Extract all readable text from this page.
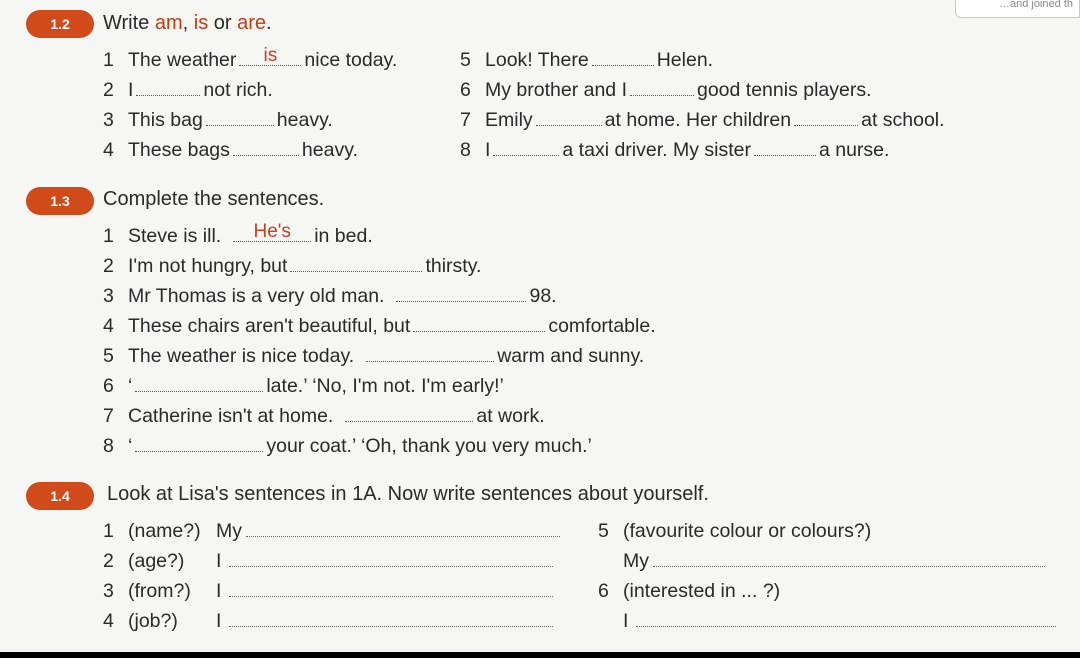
…and joined th
1.2	Write am, is or are.
1 The weather	is	nice today.
2 I	not rich.
3 This bag	heavy.
4 These bags	heavy.
5 Look! There	Helen.
6 My brother and I	good tennis players.
7 Emily	at home. Her children	at school.
8 I	a taxi driver. My sister	a nurse.
1.3	Complete the sentences.
1 Steve is ill.	He's	in bed.
2 I'm not hungry, but	thirsty.
3 Mr Thomas is a very old man.	98.
4 These chairs aren't beautiful, but	comfortable.
5 The weather is nice today.	warm and sunny.
6 ‘	late.’ ‘No, I'm not. I'm early!’
7 Catherine isn't at home.	at work.
8 ‘	your coat.’ ‘Oh, thank you very much.’
1.4	Look at Lisa's sentences in 1A. Now write sentences about yourself.
1 (name?) My
2 (age?) I
3 (from?) I
4 (job?) I
5 (favourite colour or colours?)
My
6 (interested in ... ?)
I
